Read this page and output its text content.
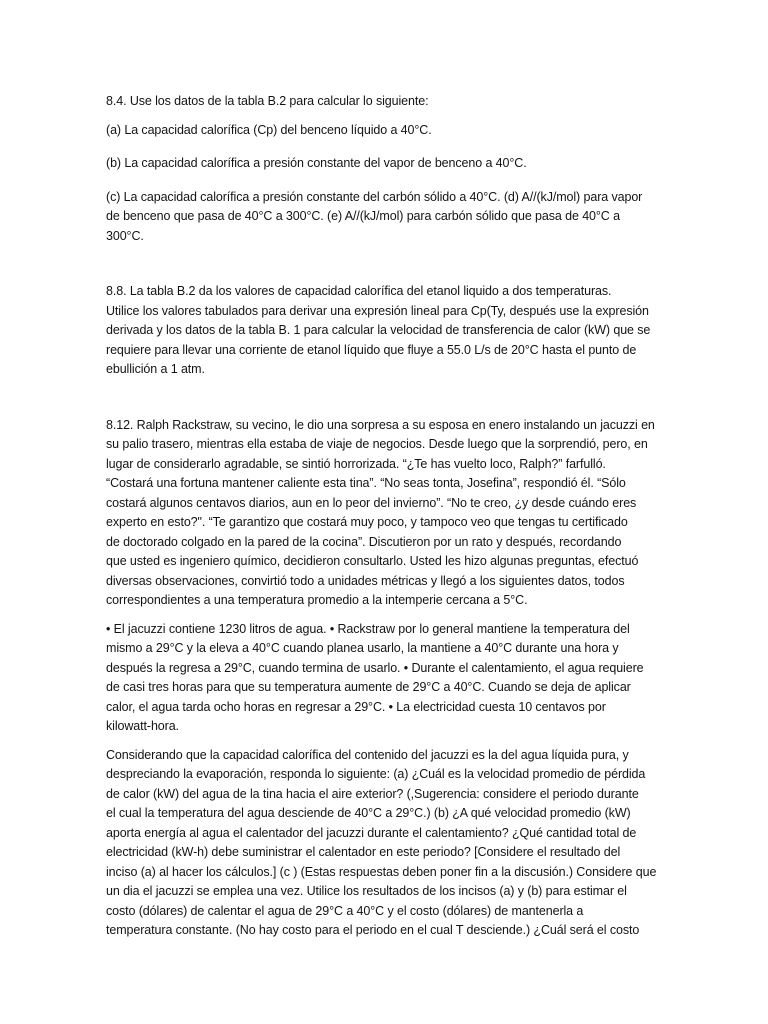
8.4. Use los datos de la tabla B.2 para calcular lo siguiente:

(a) La capacidad calorífica (Cp) del benceno líquido a 40°C.

(b) La capacidad calorífica a presión constante del vapor de benceno a 40°C.

(c) La capacidad calorífica a presión constante del carbón sólido a 40°C. (d) A//(kJ/mol) para vapor
de benceno que pasa de 40°C a 300°C. (e) A//(kJ/mol) para carbón sólido que pasa de 40°C a
300°C.

8.8. La tabla B.2 da los valores de capacidad calorífica del etanol liquido a dos temperaturas.
Utilice los valores tabulados para derivar una expresión lineal para Cp(Ty, después use la expresión
derivada y los datos de la tabla B. 1 para calcular la velocidad de transferencia de calor (kW) que se
requiere para llevar una corriente de etanol líquido que fluye a 55.0 L/s de 20°C hasta el punto de
ebullición a 1 atm.

8.12. Ralph Rackstraw, su vecino, le dio una sorpresa a su esposa en enero instalando un jacuzzi en
su palio trasero, mientras ella estaba de viaje de negocios. Desde luego que la sorprendió, pero, en
lugar de considerarlo agradable, se sintió horrorizada. “¿Te has vuelto loco, Ralph?” farfulló.
“Costará una fortuna mantener caliente esta tina”. “No seas tonta, Josefina”, respondió él. “Sólo
costará algunos centavos diarios, aun en lo peor del invierno”. “No te creo, ¿y desde cuándo eres
experto en esto?". “Te garantizo que costará muy poco, y tampoco veo que tengas tu certificado
de doctorado colgado en la pared de la cocina”. Discutieron por un rato y después, recordando
que usted es ingeniero químico, decidieron consultarlo. Usted les hizo algunas preguntas, efectuó
diversas observaciones, convirtió todo a unidades métricas y llegó a los siguientes datos, todos
correspondientes a una temperatura promedio a la intemperie cercana a 5°C.

• El jacuzzi contiene 1230 litros de agua. • Rackstraw por lo general mantiene la temperatura del
mismo a 29°C y la eleva a 40°C cuando planea usarlo, la mantiene a 40°C durante una hora y
después la regresa a 29°C, cuando termina de usarlo. • Durante el calentamiento, el agua requiere
de casi tres horas para que su temperatura aumente de 29°C a 40°C. Cuando se deja de aplicar
calor, el agua tarda ocho horas en regresar a 29°C. • La electricidad cuesta 10 centavos por
kilowatt-hora.

Considerando que la capacidad calorífica del contenido del jacuzzi es la del agua líquida pura, y
despreciando la evaporación, responda lo siguiente: (a) ¿Cuál es la velocidad promedio de pérdida
de calor (kW) del agua de la tina hacia el aire exterior? (,Sugerencia: considere el periodo durante
el cual la temperatura del agua desciende de 40°C a 29°C.) (b) ¿A qué velocidad promedio (kW)
aporta energía al agua el calentador del jacuzzi durante el calentamiento? ¿Qué cantidad total de
electricidad (kW-h) debe suministrar el calentador en este periodo? [Considere el resultado del
inciso (a) al hacer los cálculos.] (c ) (Estas respuestas deben poner fin a la discusión.) Considere que
un dia el jacuzzi se emplea una vez. Utilice los resultados de los incisos (a) y (b) para estimar el
costo (dólares) de calentar el agua de 29°C a 40°C y el costo (dólares) de mantenerla a
temperatura constante. (No hay costo para el periodo en el cual T desciende.) ¿Cuál será el costo
